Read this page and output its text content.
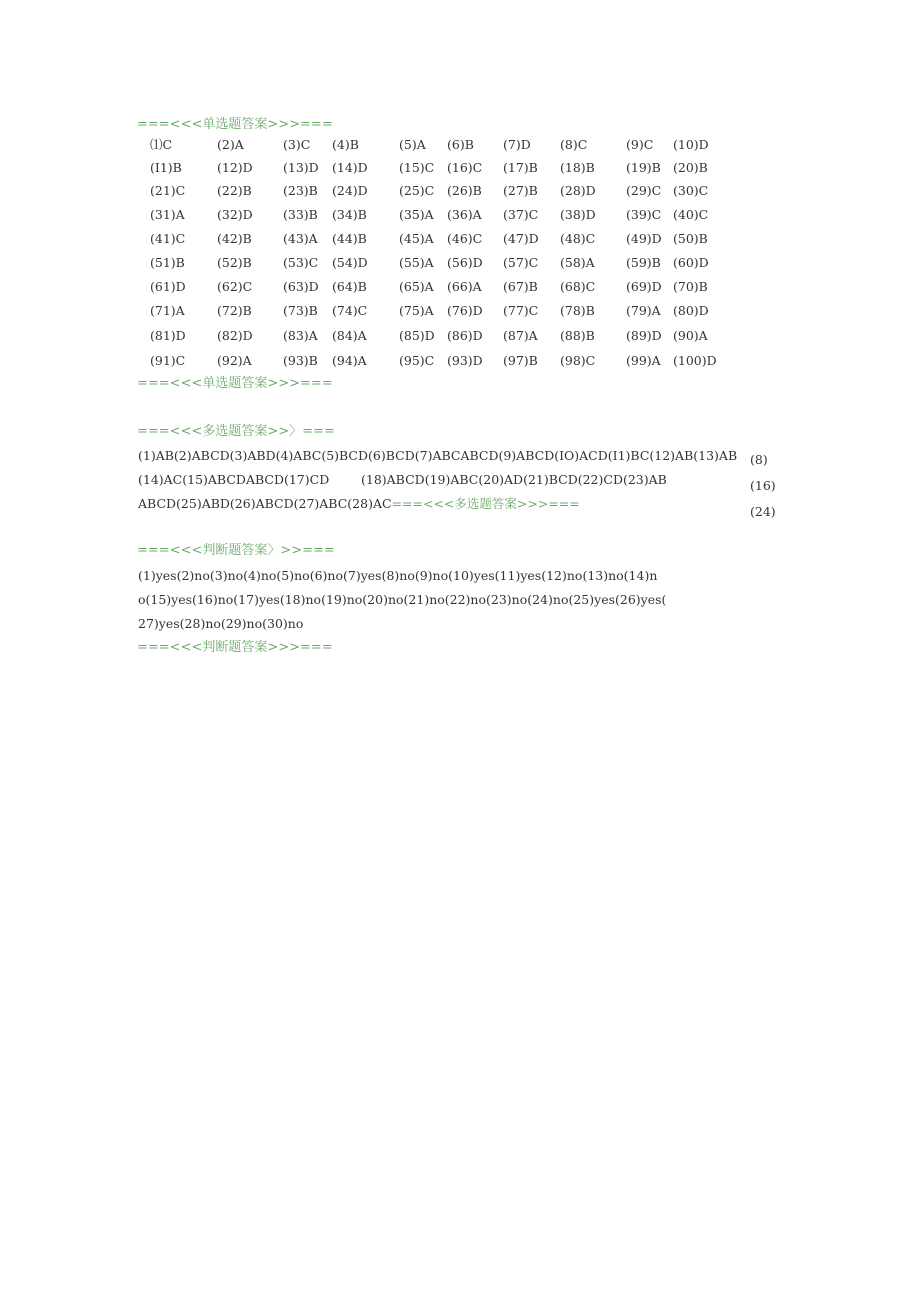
===<<<单选题答案>>>===
⑴C	(2)A	(3)C (4)B	(5)A (6)B (7)D (8)C	(9)C (10)D
(I1)B	(12)D (13)D (14)D	(15)C (16)C (17)B (18)B (19)B (20)B
(21)C	(22)B (23)B (24)D	(25)C (26)B (27)B (28)D (29)C (30)C
(31)A	(32)D (33)B (34)B	(35)A (36)A (37)C (38)D (39)C (40)C
(41)C	(42)B (43)A (44)B	(45)A (46)C (47)D (48)C (49)D (50)B
(51)B	(52)B (53)C (54)D	(55)A (56)D (57)C (58)A	(59)B (60)D
(61)D	(62)C (63)D (64)B	(65)A (66)A (67)B (68)C (69)D (70)B
(71)A	(72)B (73)B (74)C	(75)A (76)D (77)C (78)B (79)A (80)D
(81)D	(82)D (83)A (84)A	(85)D (86)D (87)A (88)B (89)D (90)A
(91)C	(92)A	(93)B (94)A	(95)C (93)D (97)B (98)C (99)A (100)D
===<<<单选题答案>>>===
===<<<多选题答案>>〉===
(1)AB(2)ABCD(3)ABD(4)ABC(5)BCD(6)BCD(7)ABCABCD(9)ABCD(IO)ACD(I1)BC(12)AB(13)AB
(14)AC(15)ABCDABCD(17)CD	(18)ABCD(19)ABC(20)AD(21)BCD(22)CD(23)AB
ABCD(25)ABD(26)ABCD(27)ABC(28)AC===<<<多选题答案>>>===
(8)
(16)
(24)
===<<<判断题答案〉>>===
(1)yes(2)no(3)no(4)no(5)no(6)no(7)yes(8)no(9)no(10)yes(11)yes(12)no(13)no(14)n
o(15)yes(16)no(17)yes(18)no(19)no(20)no(21)no(22)no(23)no(24)no(25)yes(26)yes(
27)yes(28)no(29)no(30)no
===<<<判断题答案>>>===
